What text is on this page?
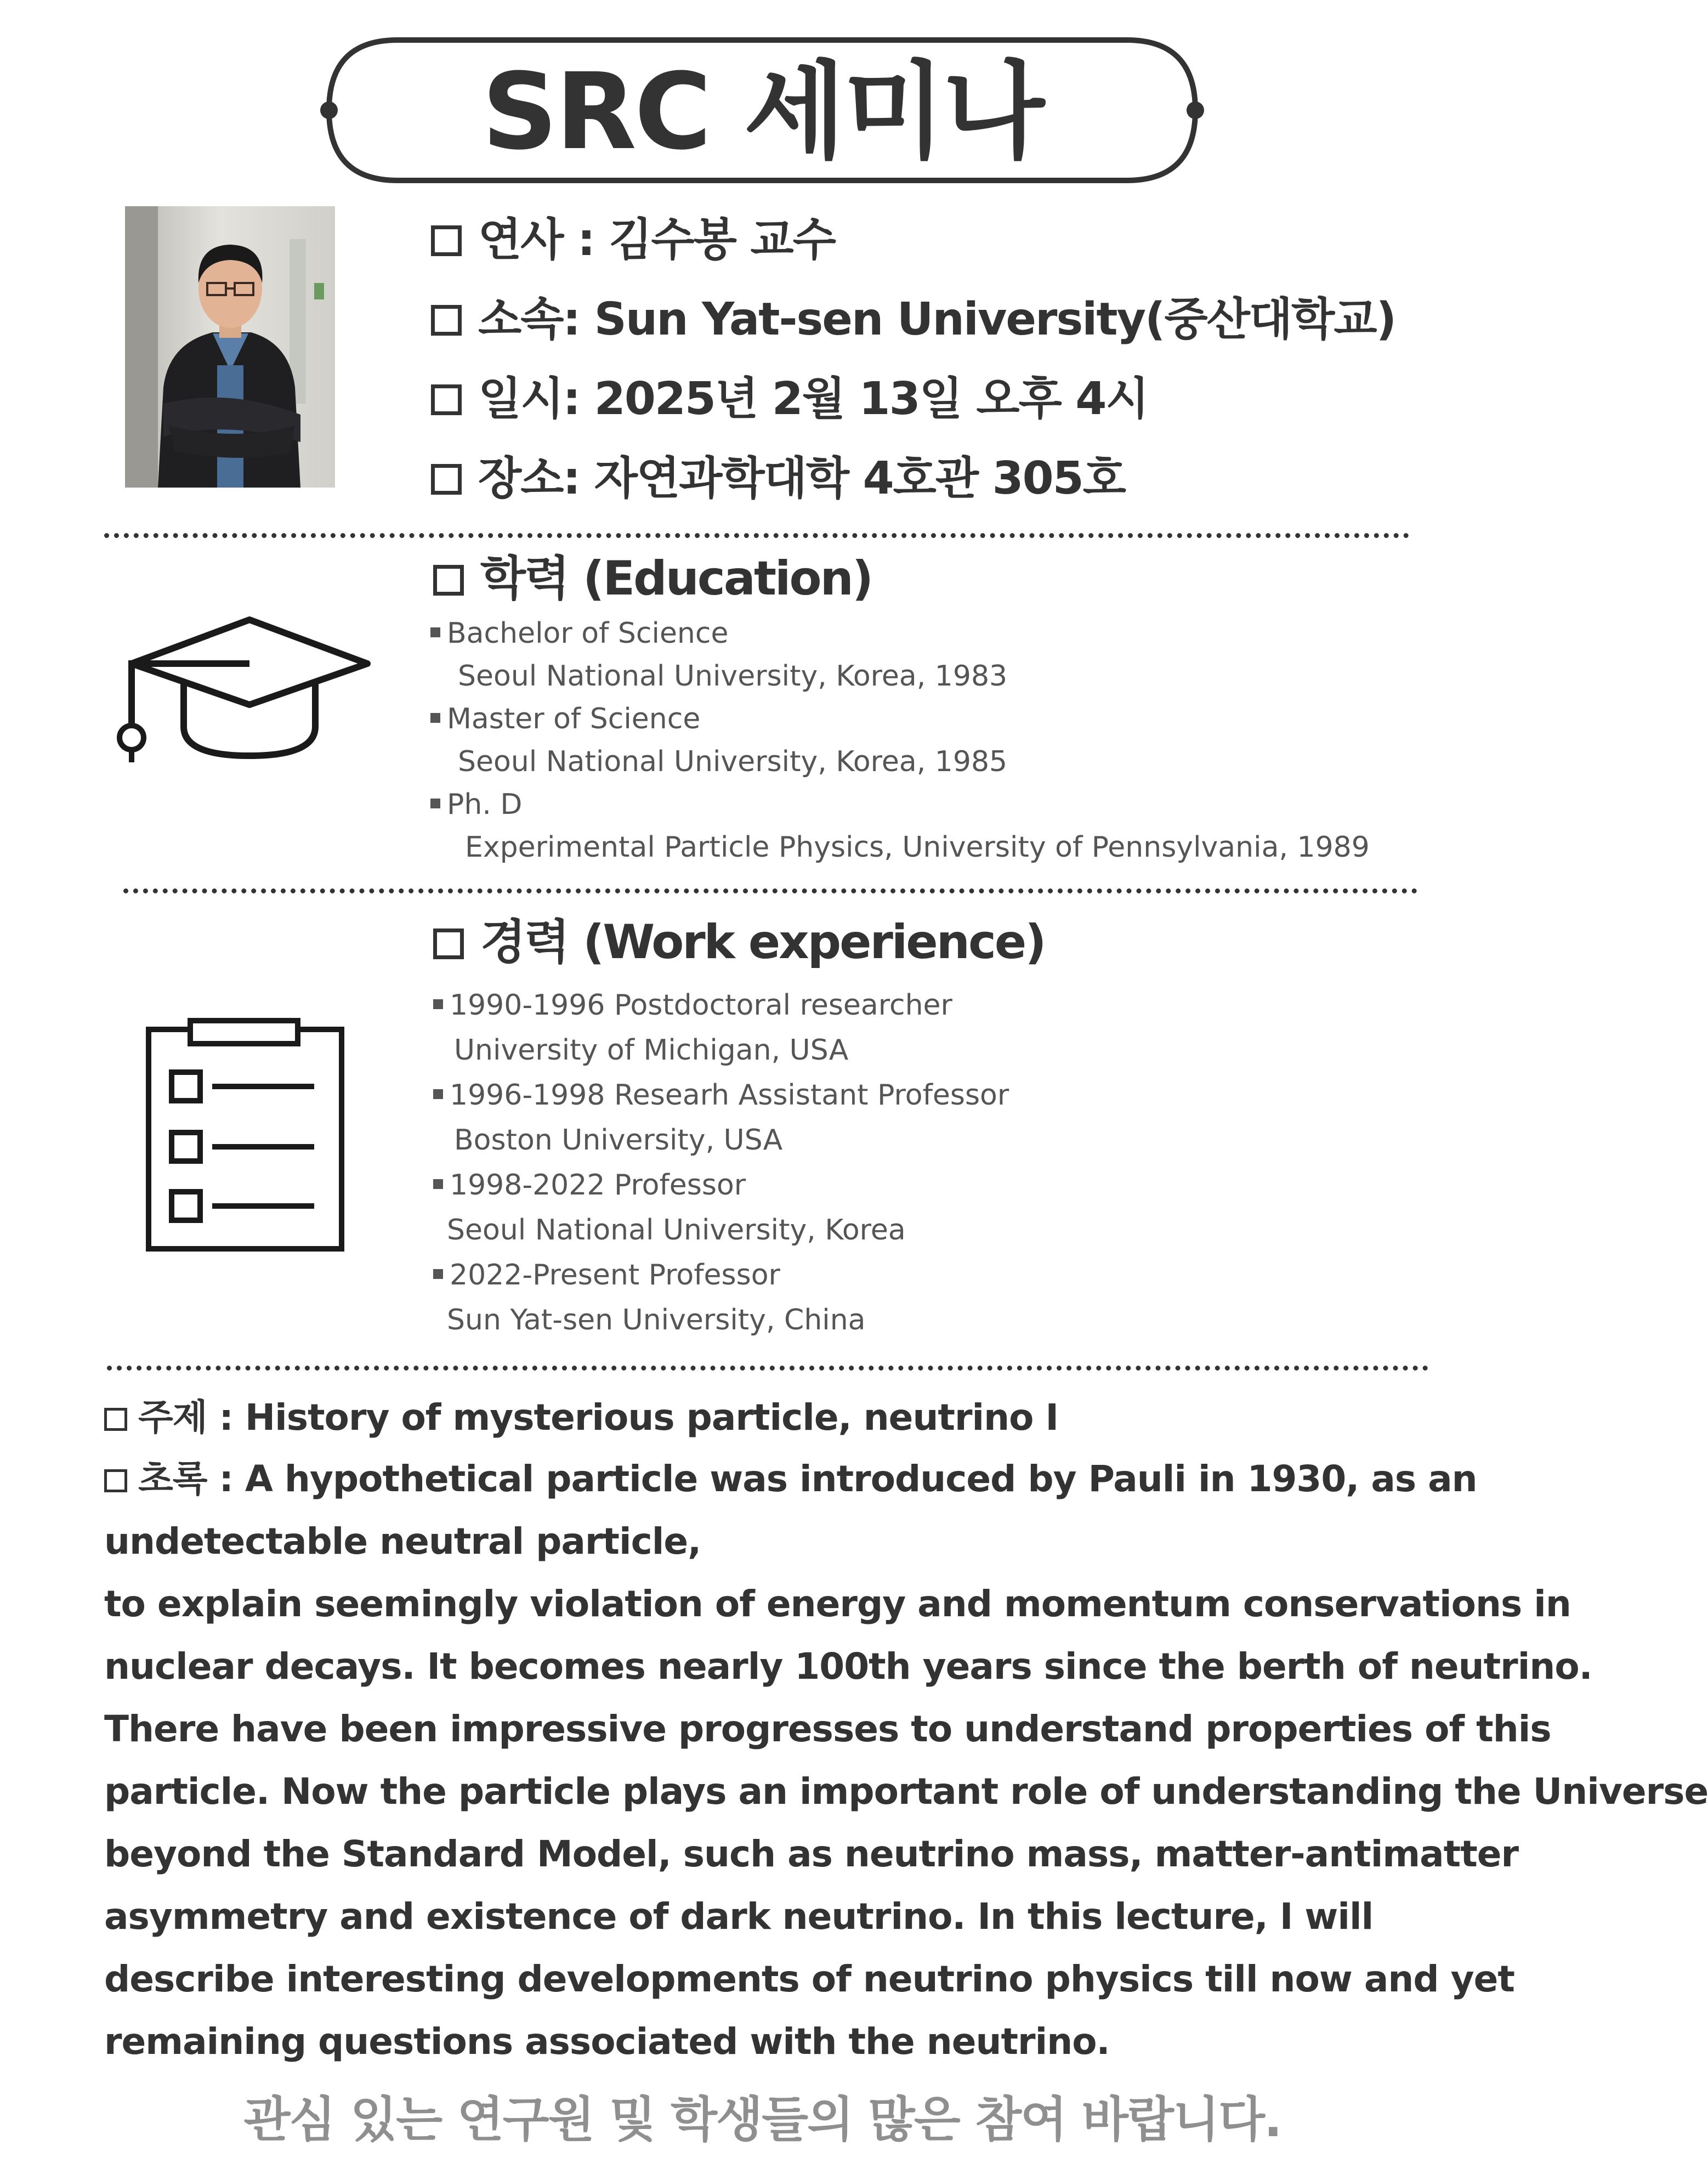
SRC 세미나
연사 : 김수봉 교수
소속: Sun Yat-sen University(중산대학교)
일시: 2025년 2월 13일 오후 4시
장소: 자연과학대학 4호관 305호
학력 (Education)
Bachelor of Science
Seoul National University, Korea, 1983
Master of Science
Seoul National University, Korea, 1985
Ph. D
Experimental Particle Physics, University of Pennsylvania, 1989
경력 (Work experience)
1990-1996 Postdoctoral researcher
University of Michigan, USA
1996-1998 Researh Assistant Professor
Boston University, USA
1998-2022 Professor
Seoul National University, Korea
2022-Present Professor
Sun Yat-sen University, China
주제 : History of mysterious particle, neutrino I
초록 : A hypothetical particle was introduced by Pauli in 1930, as an
undetectable neutral particle,
to explain seemingly violation of energy and momentum conservations in
nuclear decays. It becomes nearly 100th years since the berth of neutrino.
There have been impressive progresses to understand properties of this
particle. Now the particle plays an important role of understanding the Universe
beyond the Standard Model, such as neutrino mass, matter-antimatter
asymmetry and existence of dark neutrino. In this lecture, I will
describe interesting developments of neutrino physics till now and yet
remaining questions associated with the neutrino.
관심 있는 연구원 및 학생들의 많은 참여 바랍니다.
